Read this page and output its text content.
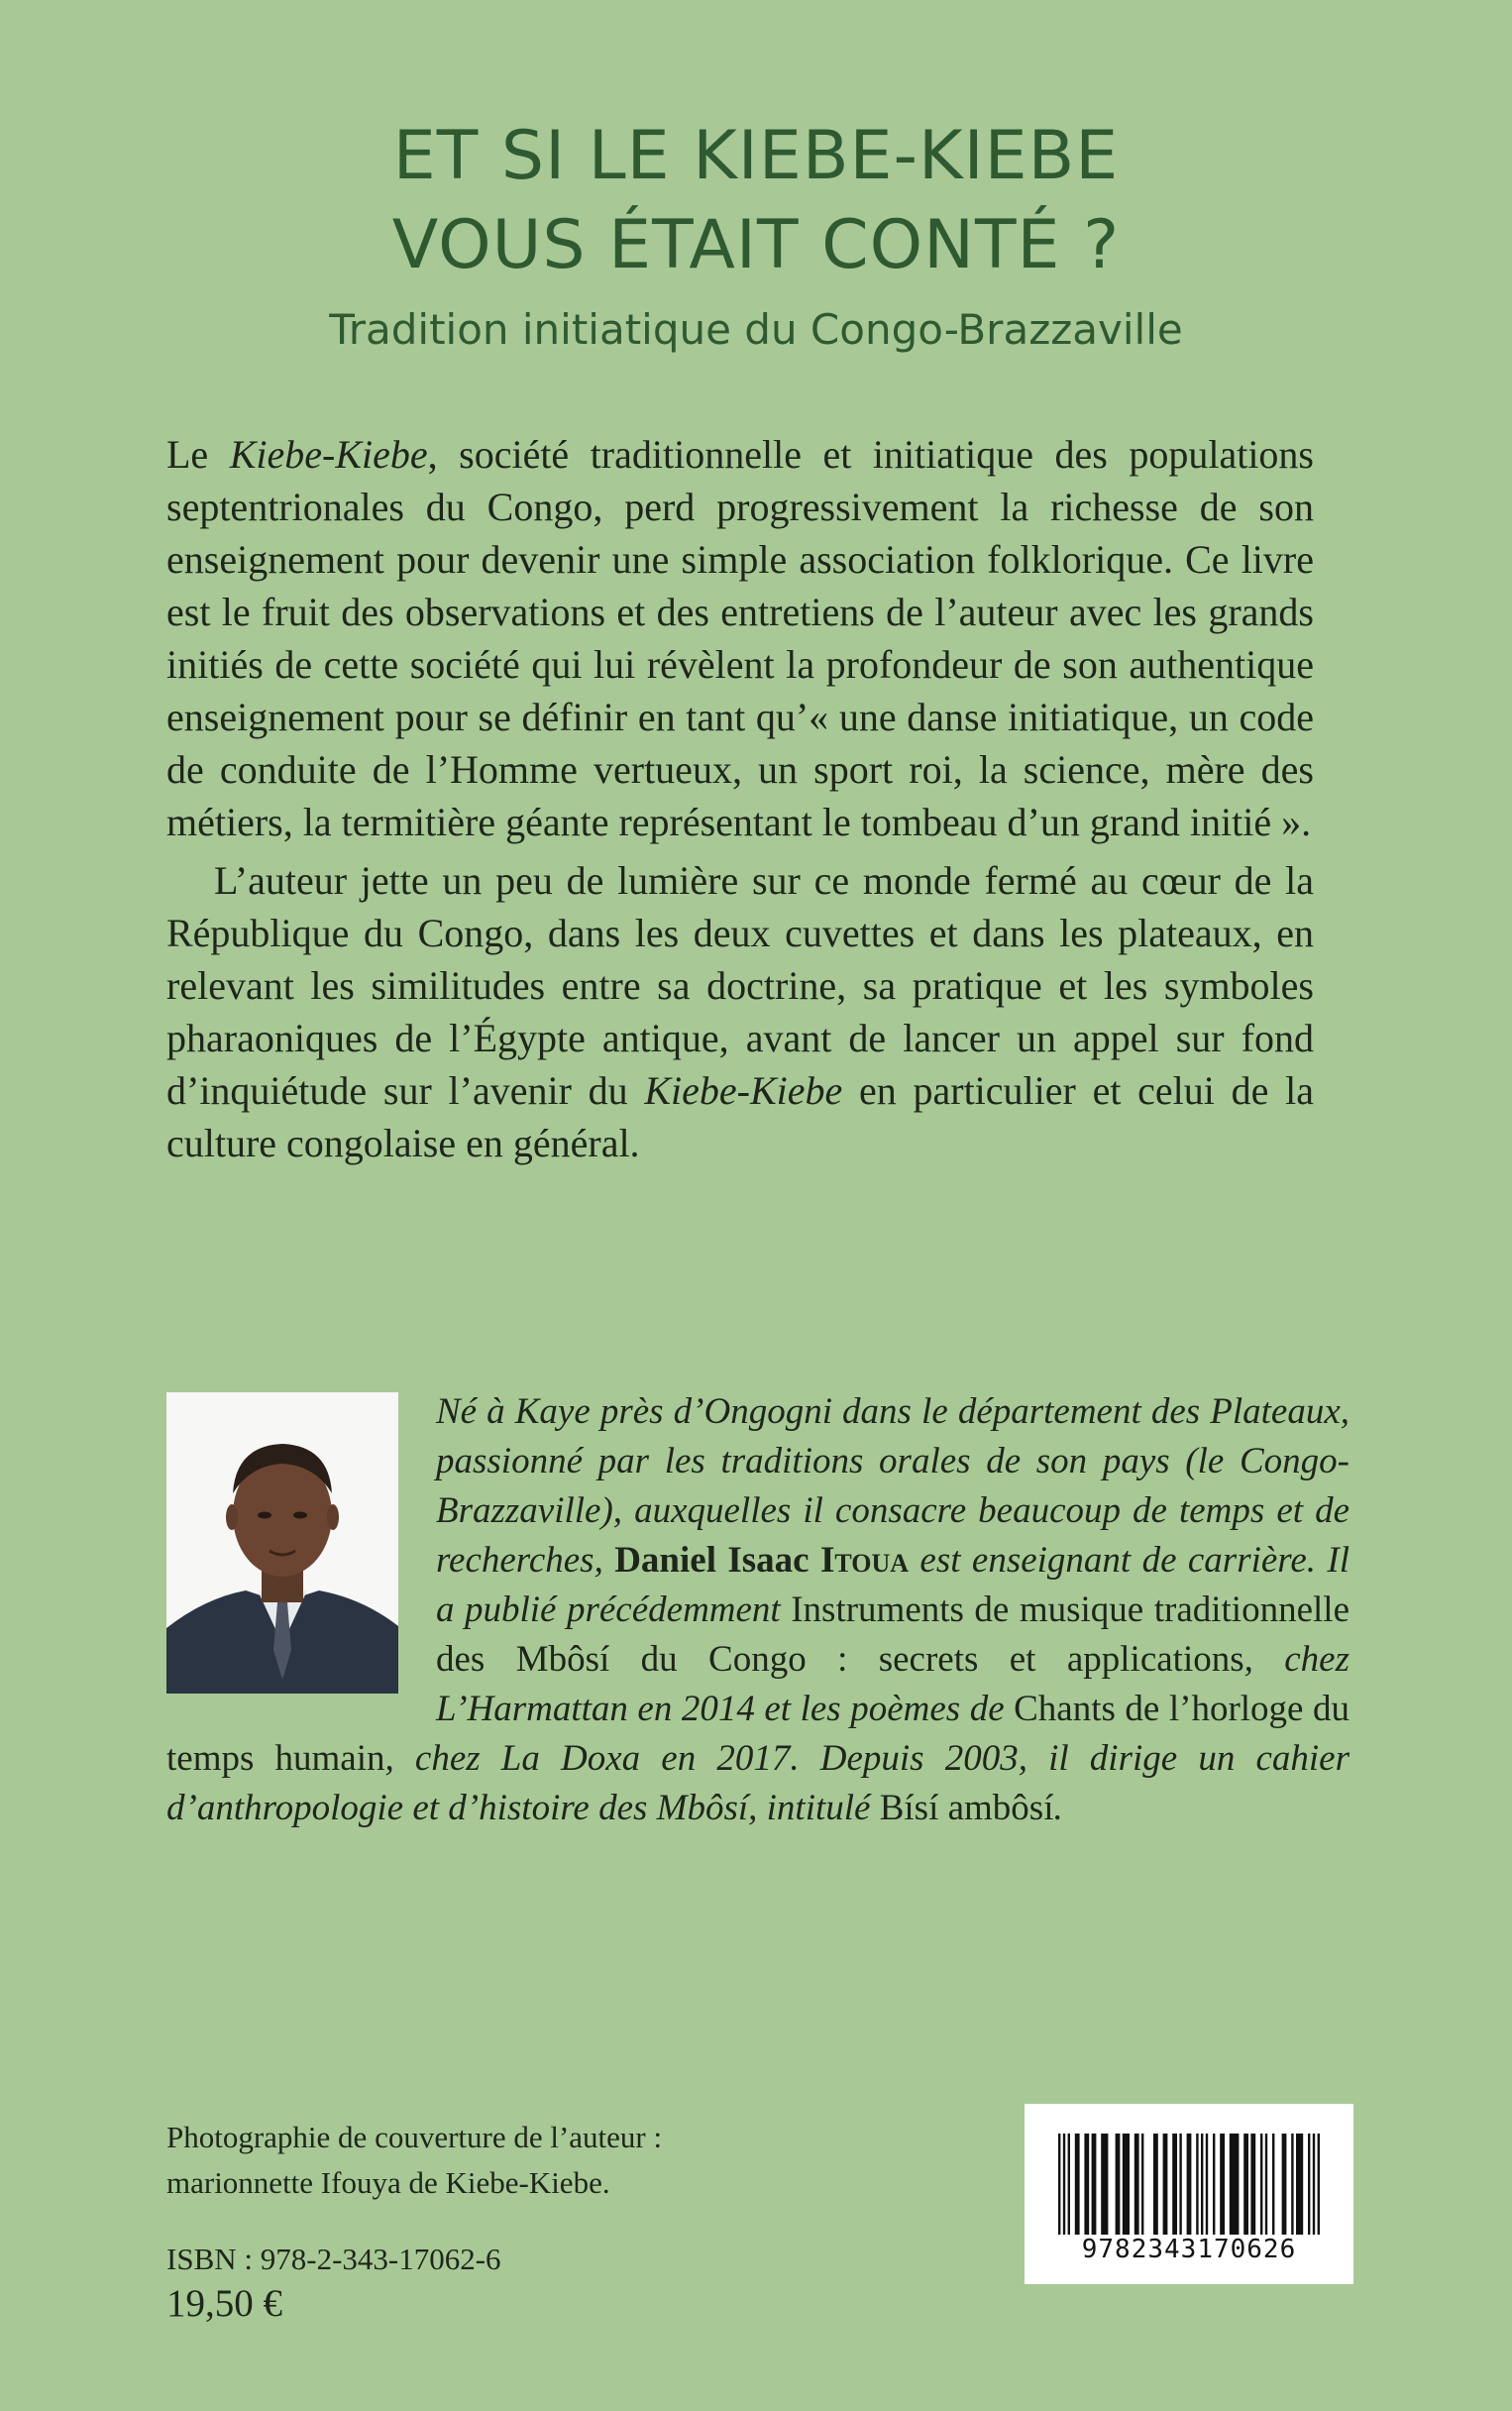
ET SI LE KIEBE-KIEBE
VOUS ÉTAIT CONTÉ ?
Tradition initiatique du Congo-Brazzaville

Le Kiebe-Kiebe, société traditionnelle et initiatique des populations septentrionales du Congo, perd progressivement la richesse de son enseignement pour devenir une simple association folklorique. Ce livre est le fruit des observations et des entretiens de l’auteur avec les grands initiés de cette société qui lui révèlent la profondeur de son authentique enseignement pour se définir en tant qu’« une danse initiatique, un code de conduite de l’Homme vertueux, un sport roi, la science, mère des métiers, la termitière géante représentant le tombeau d’un grand initié ».

L’auteur jette un peu de lumière sur ce monde fermé au cœur de la République du Congo, dans les deux cuvettes et dans les plateaux, en relevant les similitudes entre sa doctrine, sa pratique et les symboles pharaoniques de l’Égypte antique, avant de lancer un appel sur fond d’inquiétude sur l’avenir du Kiebe-Kiebe en particulier et celui de la culture congolaise en général.

Né à Kaye près d’Ongogni dans le département des Plateaux, passionné par les traditions orales de son pays (le Congo- Brazzaville), auxquelles il consacre beaucoup de temps et de recherches, Daniel Isaac Itoua est enseignant de carrière. Il a publié précédemment Instruments de musique traditionnelle des Mbôsí du Congo : secrets et applications, chez L’Harmattan en 2014 et les poèmes de Chants de l’horloge du temps humain, chez La Doxa en 2017. Depuis 2003, il dirige un cahier d’anthropologie et d’histoire des Mbôsí, intitulé Bísí ambôsí.
Photographie de couverture de l’auteur :
marionnette Ifouya de Kiebe-Kiebe.
ISBN : 978-2-343-17062-6
19,50 €
9782343170626
